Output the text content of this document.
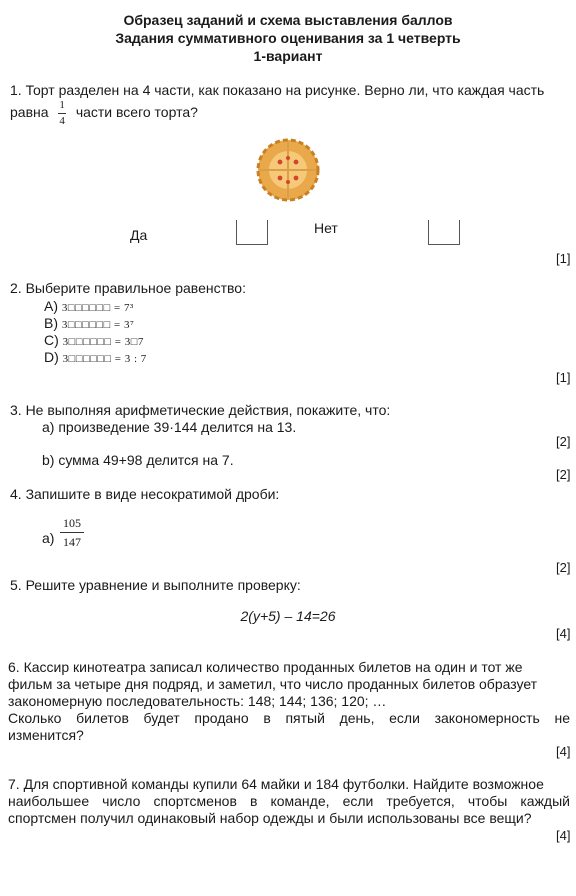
Образец заданий и схема выставления баллов
Задания суммативного оценивания за 1 четверть
1-вариант
1. Торт разделен на 4 части, как показано на рисунке. Верно ли, что каждая часть
равна $\frac{1}{4}$ части всего торта?
Да	Нет
[1]
2. Выберите правильное равенство:
A) 3□□□□□□ = 7³
B) 3□□□□□□ = 3⁷
C) 3□□□□□□ = 3□7
D) 3□□□□□□ = 3 : 7
[1]
3. Не выполняя арифметические действия, покажите, что:
а) произведение 39·144 делится на 13.
[2]
b) сумма 49+98 делится на 7.
[2]
4. Запишите в виде несократимой дроби:
$а) \frac{105}{147}$
[2]
5. Решите уравнение и выполните проверку:
2(y+5) – 14=26
[4]
6. Кассир кинотеатра записал количество проданных билетов на один и тот же
фильм за четыре дня подряд, и заметил, что число проданных билетов образует
закономерную последовательность: 148; 144; 136; 120; …
Сколько билетов будет продано в пятый день, если закономерность не
изменится?
[4]
7. Для спортивной команды купили 64 майки и 184 футболки. Найдите возможное
наибольшее число спортсменов в команде, если требуется, чтобы каждый
спортсмен получил одинаковый набор одежды и были использованы все вещи?
[4]
